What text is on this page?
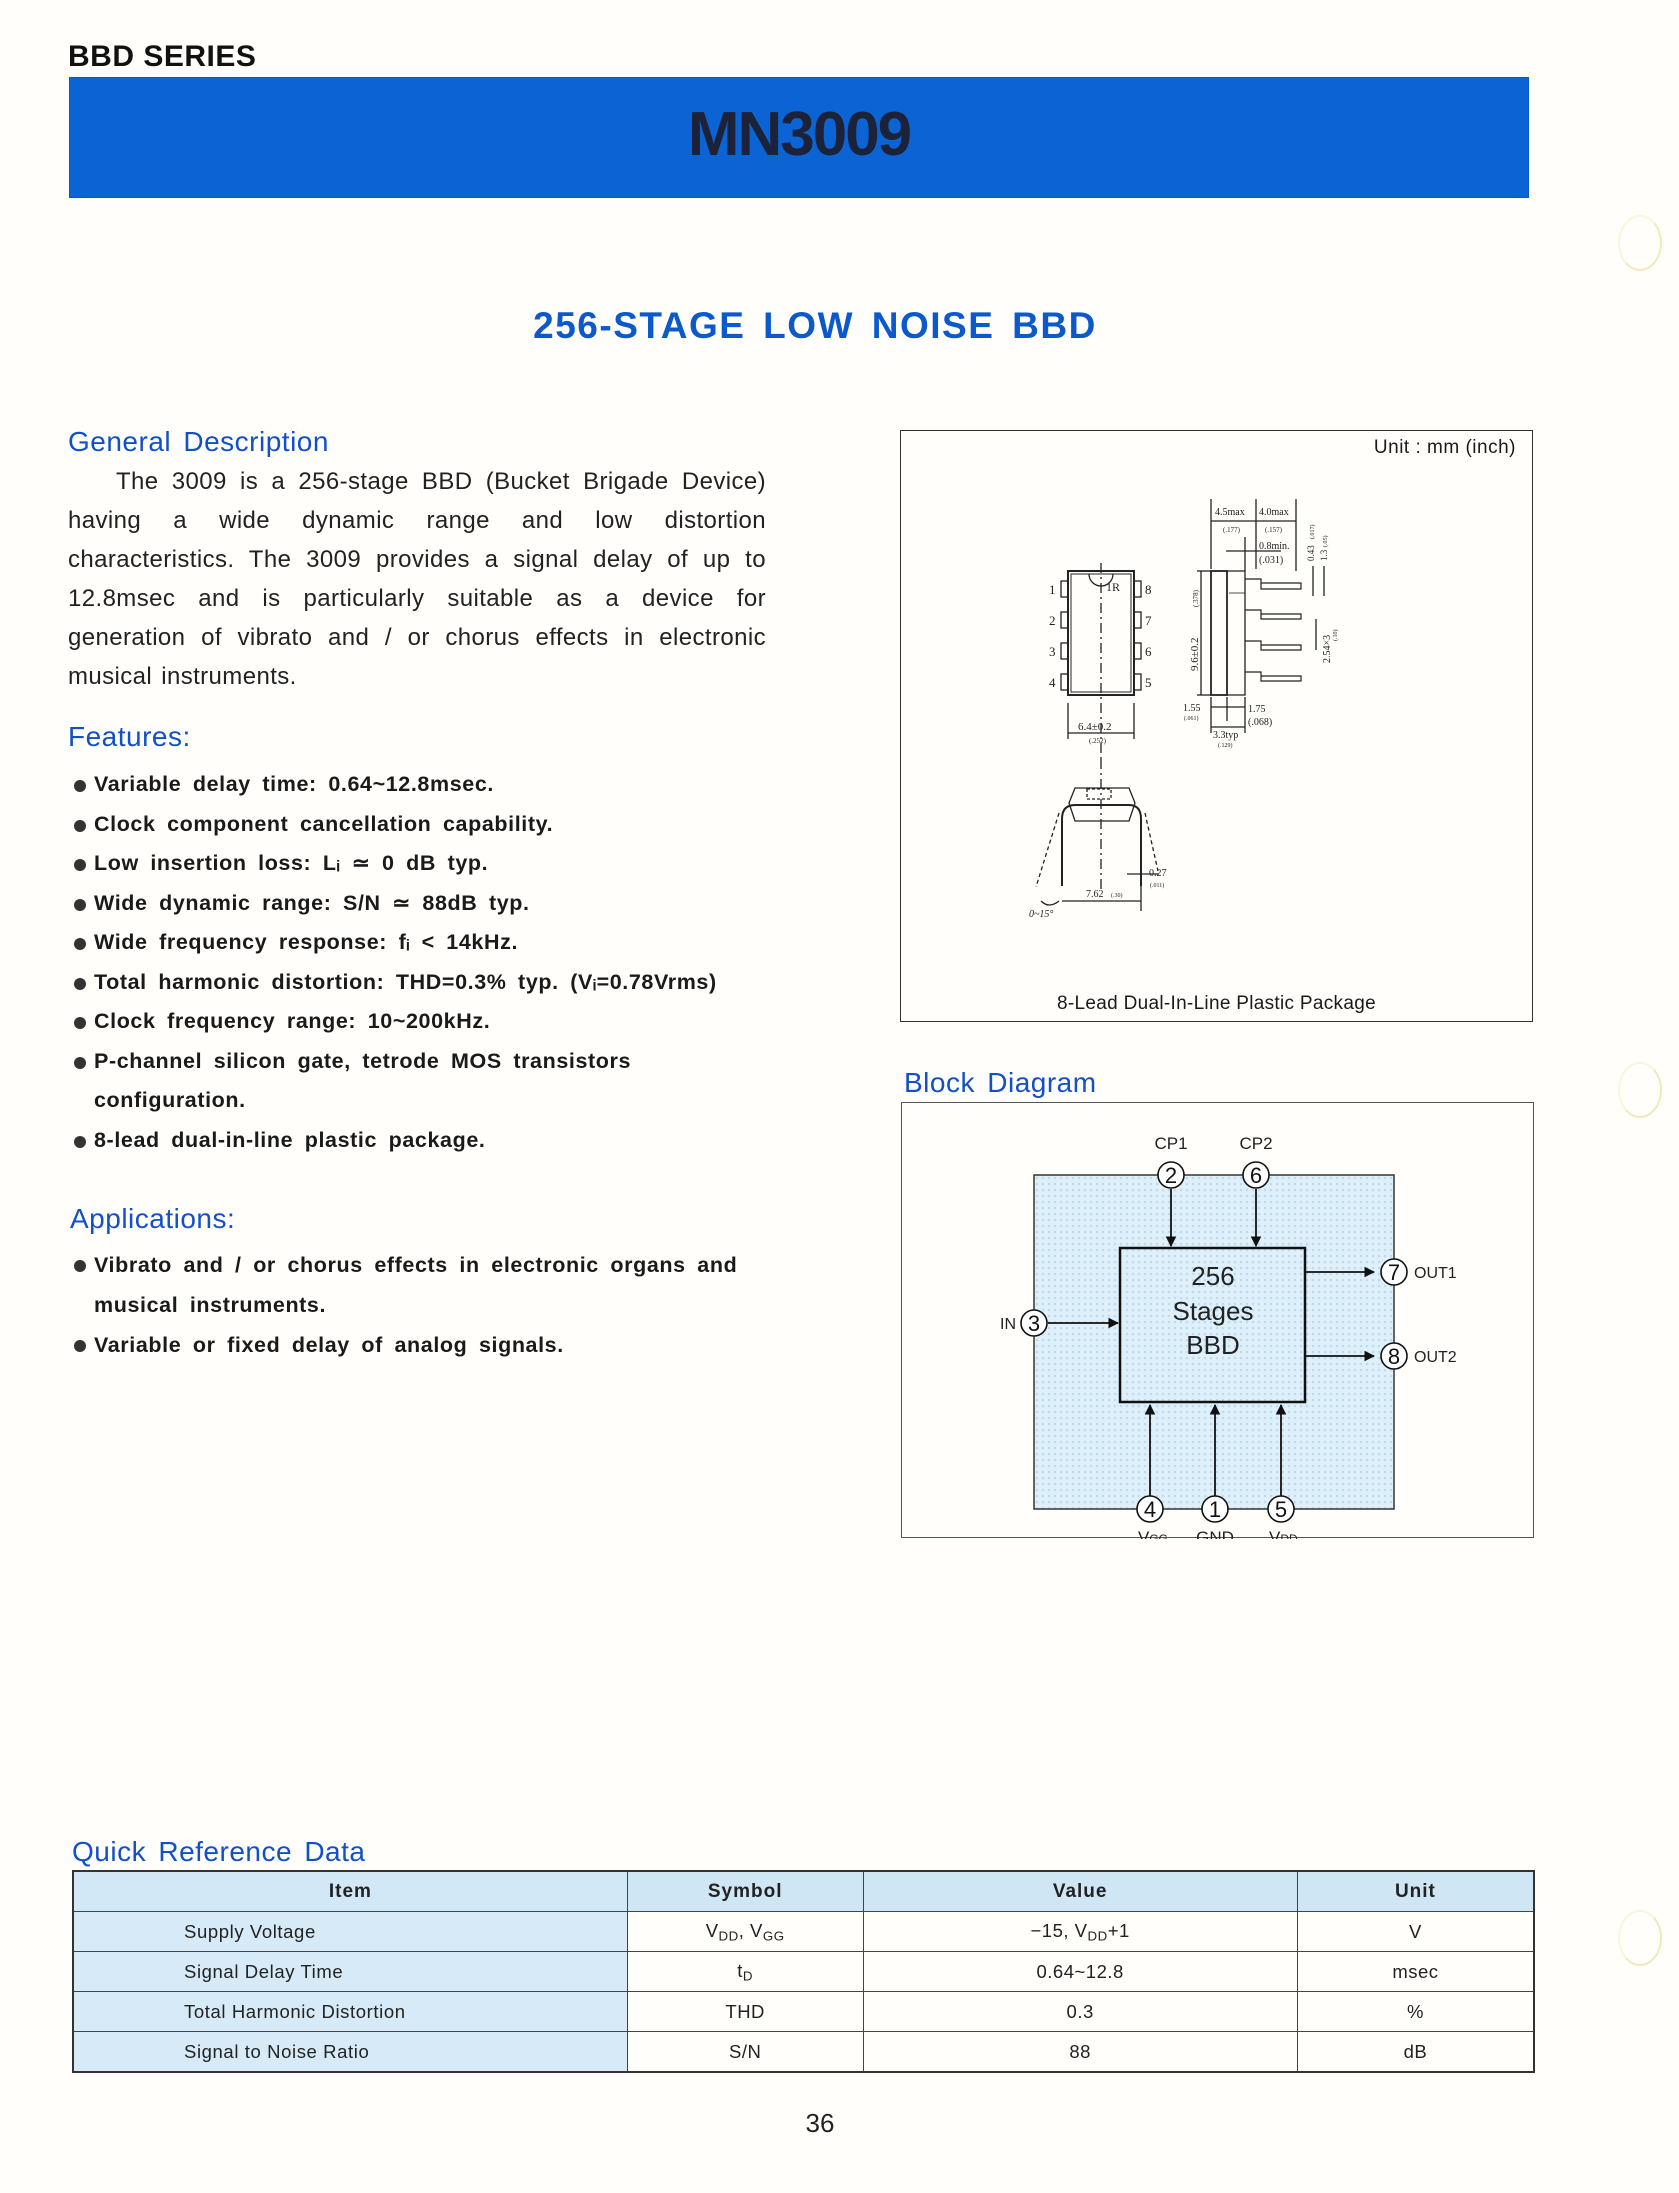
BBD SERIES
MN3009
256-STAGE LOW NOISE BBD
General Description

The 3009 is a 256-stage BBD (Bucket Brigade Device) having a wide dynamic range and low distortion characteristics. The 3009 provides a signal delay of up to 12.8msec and is particularly suitable as a device for generation of vibrato and / or chorus effects in electronic musical instruments.

Features:
Variable delay time: 0.64~12.8msec.
Clock component cancellation capability.
Low insertion loss: Lᵢ ≃ 0 dB typ.
Wide dynamic range: S/N ≃ 88dB typ.
Wide frequency response: fᵢ < 14kHz.
Total harmonic distortion: THD=0.3% typ. (Vᵢ=0.78Vrms)
Clock frequency range: 10~200kHz.
P-channel silicon gate, tetrode MOS transistors configuration.
8-lead dual-in-line plastic package.
Applications:
Vibrato and / or chorus effects in electronic organs and musical instruments.
Variable or fixed delay of analog signals.
Unit : mm (inch)
1
2
3
4
8
7
6
5
1R
6.4±0.2
(.252)
9.6±0.2
(.378)
4.5max
(.177)
4.0max
(.157)
0.8min.
(.031)	0.43
(.017)
1.3
(.05)
2.54×3 (.10)
1.55
(.061)
1.75
(.068)
3.3typ
(.129)
7.62 (.30)
0.27
(.011)
0~15°
8-Lead Dual-In-Line Plastic Package
Block Diagram
256
Stages
BBD
2	6
3
7
8
4 1 5
CP1	CP2
IN
OUT1
OUT2
VGG GND VDD
Quick Reference Data
Item	Symbol	Value	Unit
Supply Voltage	$V_{DD}$, $V_{GG}$	−15, $V_{DD}+1$	V
Signal Delay Time	$t_D$	0.64~12.8	msec
Total Harmonic Distortion	THD	0.3	%
Signal to Noise Ratio	S/N	88	dB
36
